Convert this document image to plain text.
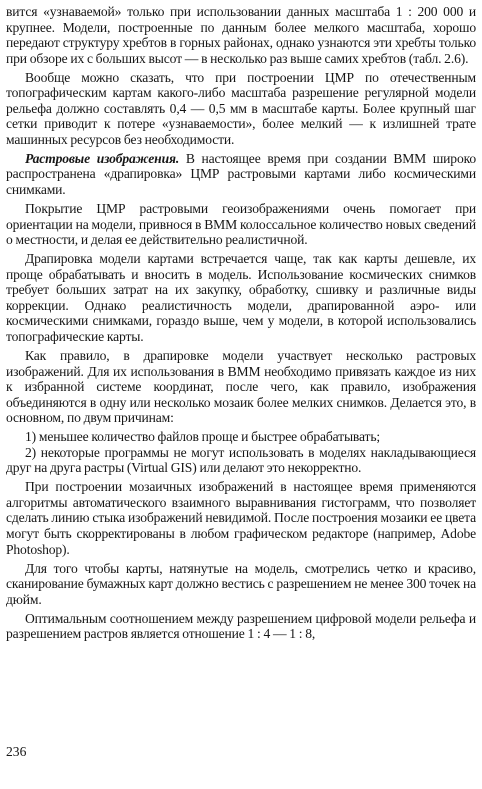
вится «узнаваемой» только при использовании данных масштаба 1 : 200 000 и крупнее. Модели, построенные по данным более мелкого масштаба, хорошо передают структуру хребтов в горных районах, однако узнаются эти хребты только при обзоре их с больших высот — в несколько раз выше самих хребтов (табл. 2.6).

Вообще можно сказать, что при построении ЦМР по отечественным топографическим картам какого-либо масштаба разрешение регулярной модели рельефа должно составлять 0,4 — 0,5 мм в масштабе карты. Более крупный шаг сетки приводит к потере «узнаваемости», более мелкий — к излишней трате машинных ресурсов без необходимости.

Растровые изображения. В настоящее время при создании ВММ широко распространена «драпировка» ЦМР растровыми картами либо космическими снимками.

Покрытие ЦМР растровыми геоизображениями очень помогает при ориентации на модели, привнося в ВММ колоссальное количество новых сведений о местности, и делая ее действительно реалистичной.

Драпировка модели картами встречается чаще, так как карты дешевле, их проще обрабатывать и вносить в модель. Использование космических снимков требует больших затрат на их закупку, обработку, сшивку и различные виды коррекции. Однако реалистичность модели, драпированной аэро- или космическими снимками, гораздо выше, чем у модели, в которой использовались топографические карты.

Как правило, в драпировке модели участвует несколько растровых изображений. Для их использования в ВММ необходимо привязать каждое из них к избранной системе координат, после чего, как правило, изображения объединяются в одну или несколько мозаик более мелких снимков. Делается это, в основном, по двум причинам:

1) меньшее количество файлов проще и быстрее обрабатывать;

2) некоторые программы не могут использовать в моделях накладывающиеся друг на друга растры (Virtual GIS) или делают это некорректно.

При построении мозаичных изображений в настоящее время применяются алгоритмы автоматического взаимного выравнивания гистограмм, что позволяет сделать линию стыка изображений невидимой. После построения мозаики ее цвета могут быть скорректированы в любом графическом редакторе (например, Adobe Photoshop).

Для того чтобы карты, натянутые на модель, смотрелись четко и красиво, сканирование бумажных карт должно вестись с разрешением не менее 300 точек на дюйм.

Оптимальным соотношением между разрешением цифровой модели рельефа и разрешением растров является отношение 1 : 4 — 1 : 8,

236
